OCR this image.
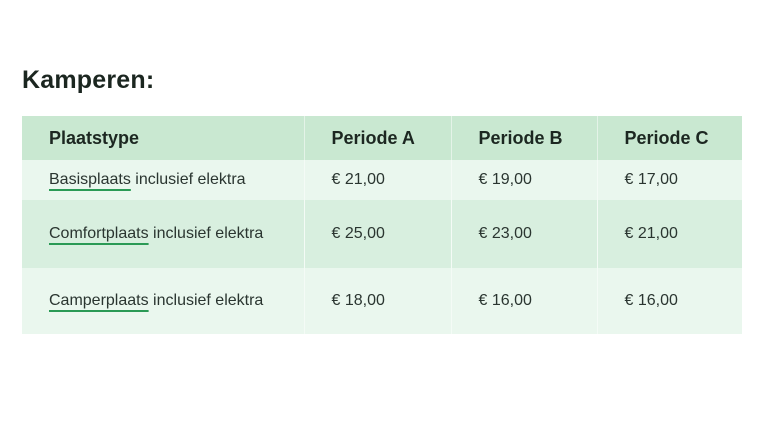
Kamperen:
Plaatstype	Periode A	Periode B	Periode C
Basisplaats inclusief elektra	€ 21,00	€ 19,00	€ 17,00
Comfortplaats inclusief elektra	€ 25,00	€ 23,00	€ 21,00
Camperplaats inclusief elektra	€ 18,00	€ 16,00	€ 16,00
